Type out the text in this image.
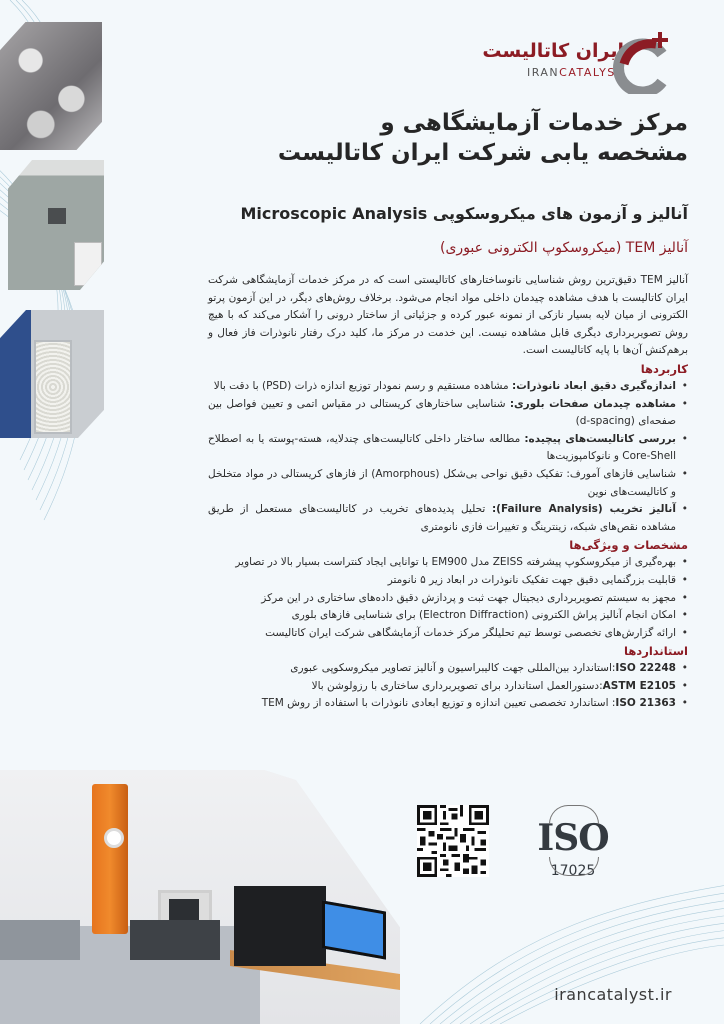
ایران کاتالیست
IRANCATALYST
مرکز خدمات آزمایشگاهی و
مشخصه یابی شرکت ایران کاتالیست
آنالیز و آزمون های میکروسکوپی Microscopic Analysis
آنالیز TEM (میکروسکوپ الکترونی عبوری)

آنالیز TEM دقیق‌ترین روش شناسایی نانوساختارهای کاتالیستی است که در مرکز خدمات آزمایشگاهی شرکت ایران کاتالیست با هدف مشاهده چیدمان داخلی مواد انجام می‌شود. برخلاف روش‌های دیگر، در این آزمون پرتو الکترونی از میان لایه بسیار نازکی از نمونه عبور کرده و جزئیاتی از ساختار درونی را آشکار می‌کند که با هیچ روش تصویربرداری دیگری قابل مشاهده نیست. این خدمت در مرکز ما، کلید درک رفتار نانوذرات فاز فعال و برهم‌کنش آن‌ها با پایه کاتالیست است.

کاربردها

• اندازه‌گیری دقیق ابعاد نانوذرات: مشاهده مستقیم و رسم نمودار توزیع اندازه ذرات (PSD) با دقت بالا
• مشاهده چیدمان صفحات بلوری: شناسایی ساختارهای کریستالی در مقیاس اتمی و تعیین فواصل بین صفحه‌ای (d-spacing)
• بررسی کاتالیست‌های پیچیده: مطالعه ساختار داخلی کاتالیست‌های چندلایه، هسته-پوسته یا به اصطلاح Core-Shell و نانوکامپوزیت‌ها
• شناسایی فازهای آمورف: تفکیک دقیق نواحی بی‌شکل (Amorphous) از فازهای کریستالی در مواد متخلخل و کاتالیست‌های نوین
• آنالیز تخریب (Failure Analysis): تحلیل پدیده‌های تخریب در کاتالیست‌های مستعمل از طریق مشاهده نقص‌های شبکه، زینترینگ و تغییرات فازی نانومتری

مشخصات و ویژگی‌ها

• بهره‌گیری از میکروسکوپ پیشرفته ZEISS مدل EM900 با توانایی ایجاد کنتراست بسیار بالا در تصاویر
• قابلیت بزرگنمایی دقیق جهت تفکیک نانوذرات در ابعاد زیر ۵ نانومتر
• مجهز به سیستم تصویربرداری دیجیتال جهت ثبت و پردازش دقیق داده‌های ساختاری در این مرکز
• امکان انجام آنالیز پراش الکترونی (Electron Diffraction) برای شناسایی فازهای بلوری
• ارائه گزارش‌های تخصصی توسط تیم تحلیلگر مرکز خدمات آزمایشگاهی شرکت ایران کاتالیست

استانداردها

• ISO 22248:استاندارد بین‌المللی جهت کالیبراسیون و آنالیز تصاویر میکروسکوپی عبوری
• ASTM E2105:دستورالعمل استاندارد برای تصویربرداری ساختاری با رزولوشن بالا
• ISO 21363: استاندارد تخصصی تعیین اندازه و توزیع ابعادی نانوذرات با استفاده از روش TEM
ISO
17025
irancatalyst.ir
